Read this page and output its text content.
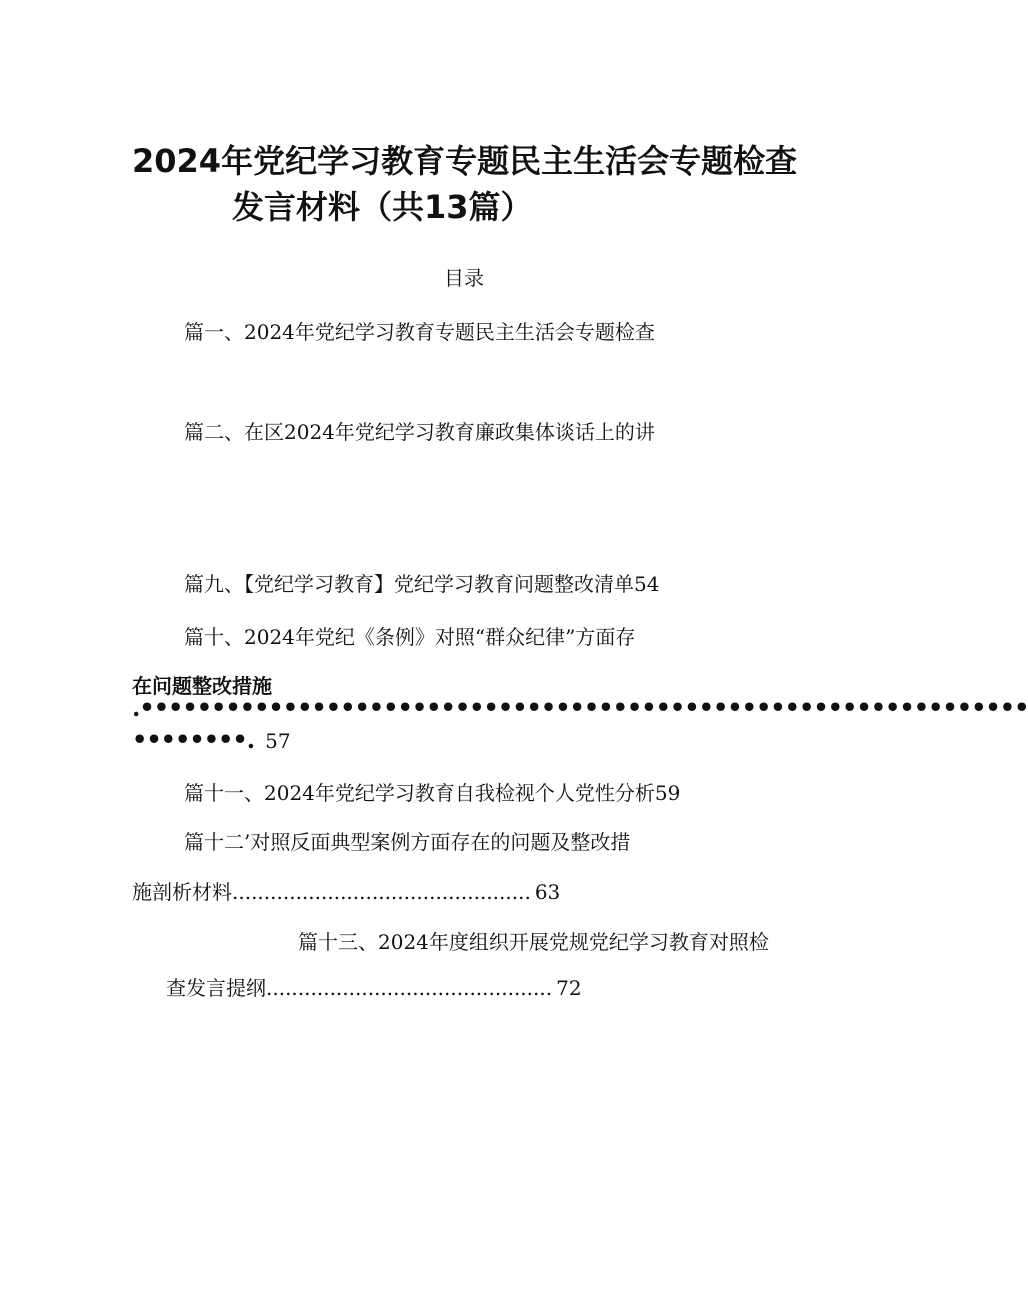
2024年党纪学习教育专题民主生活会专题检查
发言材料（共13篇）
目录
篇一、2024年党纪学习教育专题民主生活会专题检查
篇二、在区2024年党纪学习教育廉政集体谈话上的讲
篇九、【党纪学习教育】党纪学习教育问题整改清单54
篇十、2024年党纪《条例》对照“群众纪律”方面存
在问题整改措施
.••••••••••••••••••••••••••••••••••••••••••••••••••••••••••••••
••••••••. 57
篇十一、2024年党纪学习教育自我检视个人党性分析59
篇十二’对照反面典型案例方面存在的问题及整改措
施剖析材料............................................... 63
篇十三、2024年度组织开展党规党纪学习教育对照检
查发言提纲............................................. 72
